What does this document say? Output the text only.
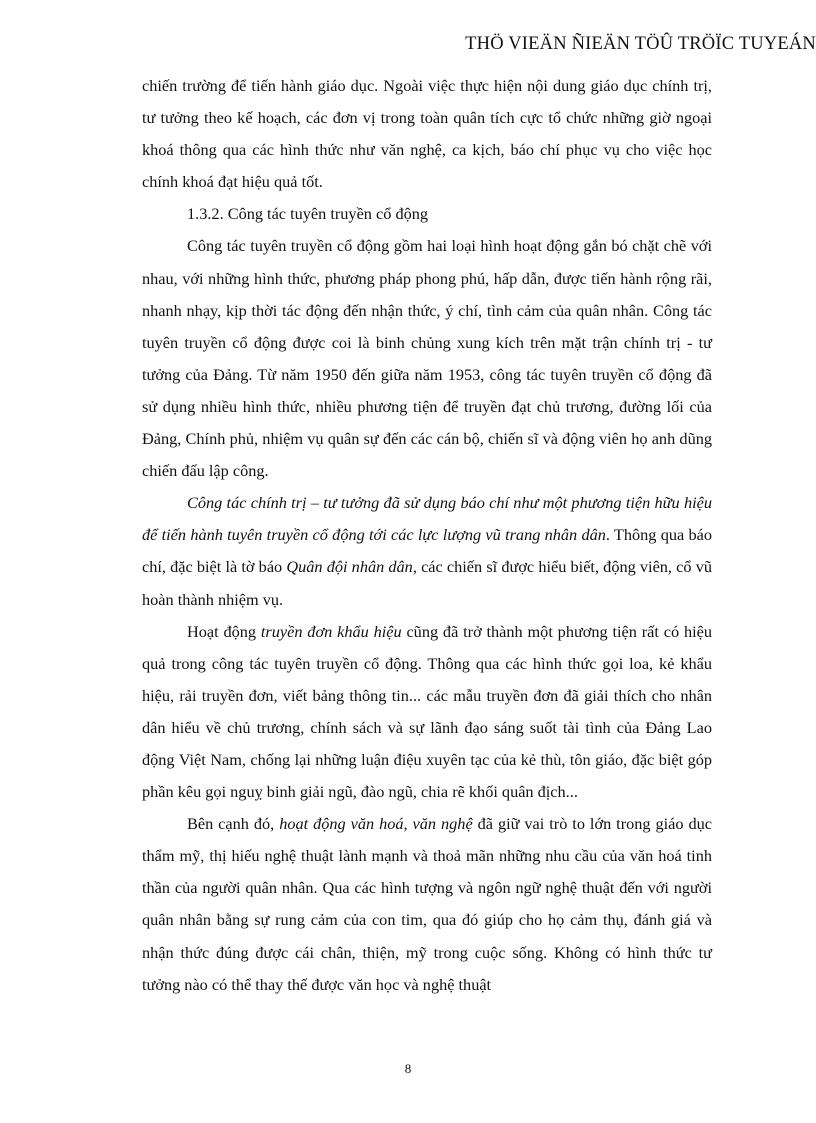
THÖ VIEÄN ÑIEÄN TÖÛ TRÖÏC TUYEÁN

chiến trường để tiến hành giáo dục. Ngoài việc thực hiện nội dung giáo dục chính trị, tư tưởng theo kế hoạch, các đơn vị trong toàn quân tích cực tổ chức những giờ ngoại khoá thông qua các hình thức như văn nghệ, ca kịch, báo chí phục vụ cho việc học chính khoá đạt hiệu quả tốt.

1.3.2. Công tác tuyên truyền cổ động

Công tác tuyên truyền cổ động gồm hai loại hình hoạt động gắn bó chặt chẽ với nhau, với những hình thức, phương pháp phong phú, hấp dẫn, được tiến hành rộng rãi, nhanh nhạy, kịp thời tác động đến nhận thức, ý chí, tình cảm của quân nhân. Công tác tuyên truyền cổ động được coi là binh chủng xung kích trên mặt trận chính trị - tư tưởng của Đảng. Từ năm 1950 đến giữa năm 1953, công tác tuyên truyền cổ động đã sử dụng nhiều hình thức, nhiều phương tiện để truyền đạt chủ trương, đường lối của Đảng, Chính phủ, nhiệm vụ quân sự đến các cán bộ, chiến sĩ và động viên họ anh dũng chiến đấu lập công.

Công tác chính trị – tư tưởng đã sử dụng báo chí như một phương tiện hữu hiệu để tiến hành tuyên truyền cổ động tới các lực lượng vũ trang nhân dân. Thông qua báo chí, đặc biệt là tờ báo Quân đội nhân dân, các chiến sĩ được hiểu biết, động viên, cổ vũ hoàn thành nhiệm vụ.

Hoạt động truyền đơn khẩu hiệu cũng đã trở thành một phương tiện rất có hiệu quả trong công tác tuyên truyền cổ động. Thông qua các hình thức gọi loa, kẻ khẩu hiệu, rải truyền đơn, viết bảng thông tin... các mẫu truyền đơn đã giải thích cho nhân dân hiểu về chủ trương, chính sách và sự lãnh đạo sáng suốt tài tình của Đảng Lao động Việt Nam, chống lại những luận điệu xuyên tạc của kẻ thù, tôn giáo, đặc biệt góp phần kêu gọi nguỵ binh giải ngũ, đào ngũ, chia rẽ khối quân địch...

Bên cạnh đó, hoạt động văn hoá, văn nghệ đã giữ vai trò to lớn trong giáo dục thẩm mỹ, thị hiếu nghệ thuật lành mạnh và thoả mãn những nhu cầu của văn hoá tinh thần của người quân nhân. Qua các hình tượng và ngôn ngữ nghệ thuật đến với người quân nhân bằng sự rung cảm của con tim, qua đó giúp cho họ cảm thụ, đánh giá và nhận thức đúng được cái chân, thiện, mỹ trong cuộc sống. Không có hình thức tư tưởng nào có thể thay thế được văn học và nghệ thuật

8
